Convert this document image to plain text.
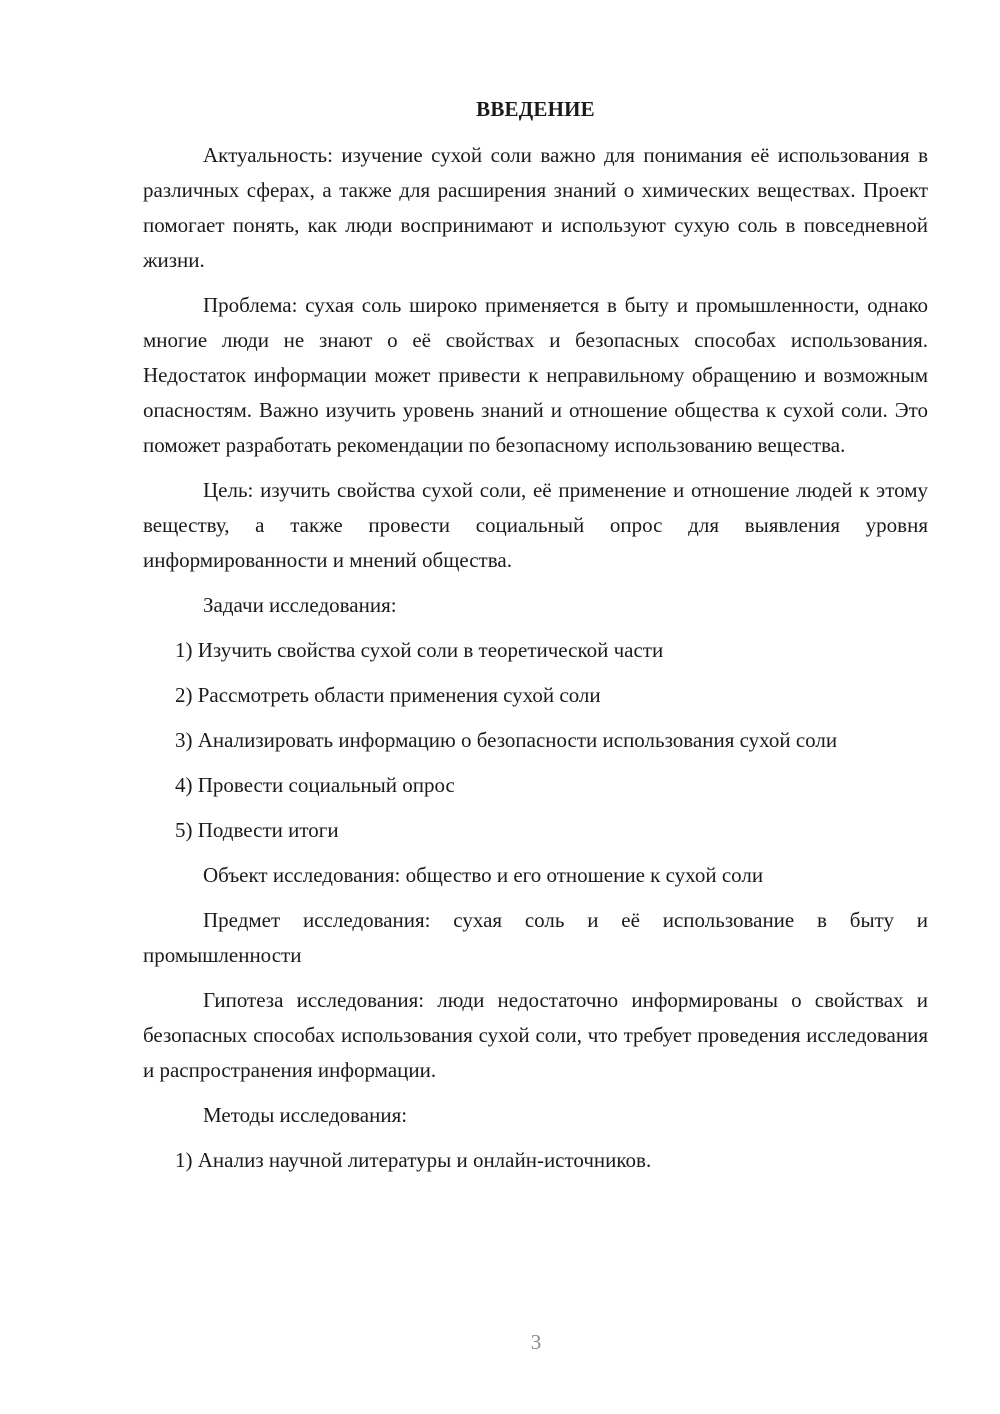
ВВЕДЕНИЕ

Актуальность: изучение сухой соли важно для понимания её использования в различных сферах, а также для расширения знаний о химических веществах. Проект помогает понять, как люди воспринимают и используют сухую соль в повседневной жизни.

Проблема: сухая соль широко применяется в быту и промышленности, однако многие люди не знают о её свойствах и безопасных способах использования. Недостаток информации может привести к неправильному обращению и возможным опасностям. Важно изучить уровень знаний и отношение общества к сухой соли. Это поможет разработать рекомендации по безопасному использованию вещества.

Цель: изучить свойства сухой соли, её применение и отношение людей к этому веществу, а также провести социальный опрос для выявления уровня информированности и мнений общества.

Задачи исследования:

1) Изучить свойства сухой соли в теоретической части

2) Рассмотреть области применения сухой соли

3) Анализировать информацию о безопасности использования сухой соли

4) Провести социальный опрос

5) Подвести итоги

Объект исследования: общество и его отношение к сухой соли

Предмет исследования: сухая соль и её использование в быту и промышленности

Гипотеза исследования: люди недостаточно информированы о свойствах и безопасных способах использования сухой соли, что требует проведения исследования и распространения информации.

Методы исследования:

1) Анализ научной литературы и онлайн-источников.

3
